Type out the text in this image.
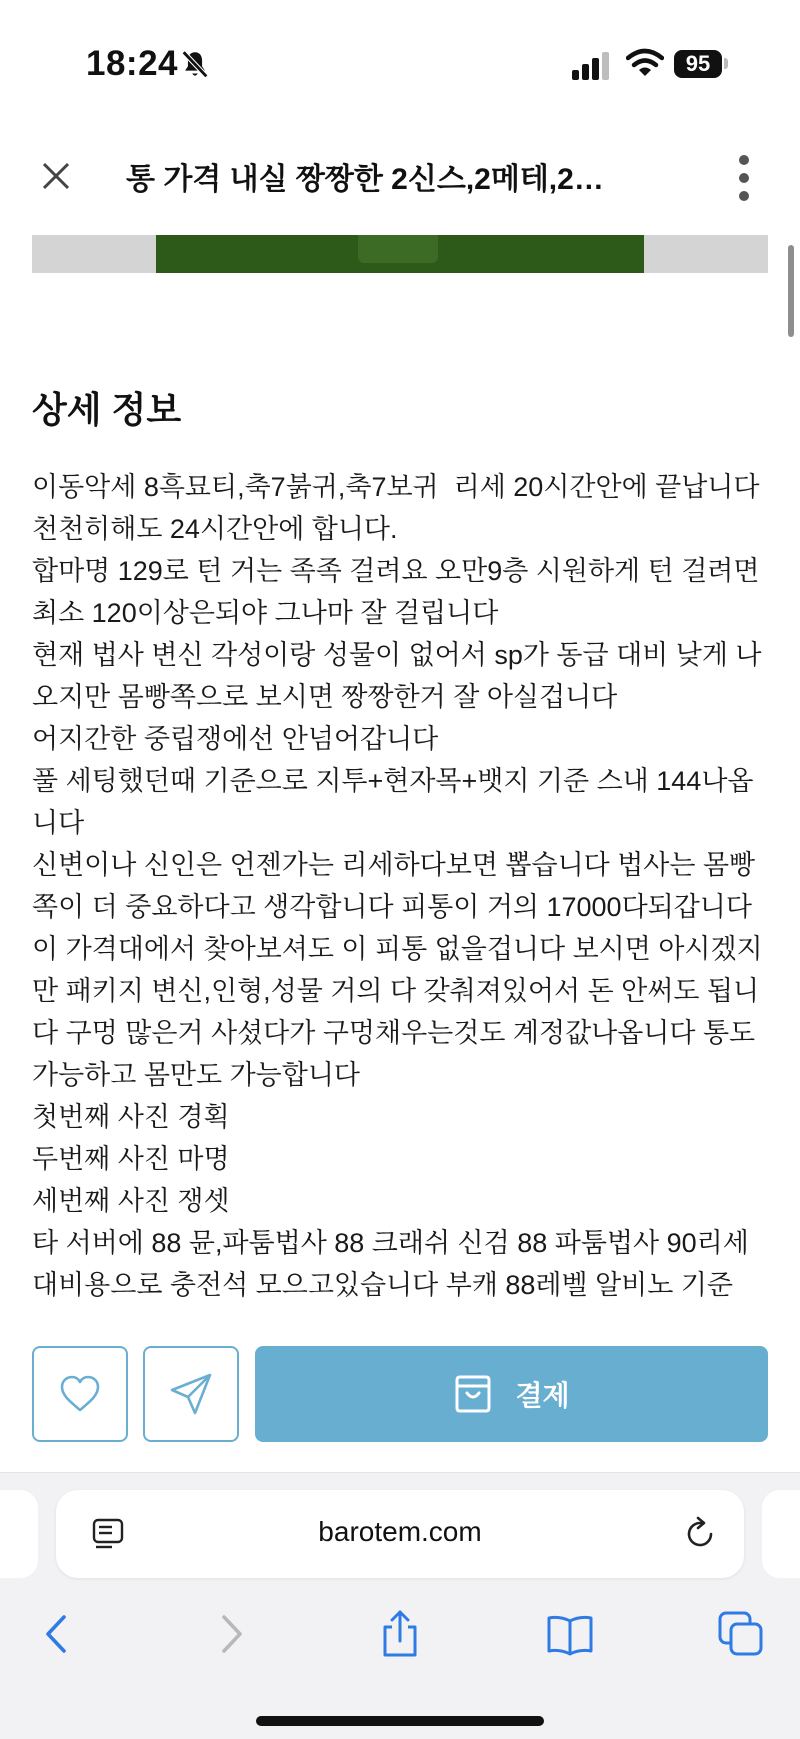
18:24	95
통 가격 내실 짱짱한 2신스,2메테,2…
상세 정보

이동악세 8흑묘티,축7붉귀,축7보귀  리세 20시간안에 끝납니다 천천히해도 24시간안에 합니다.
합마명 129로 턴 거는 족족 걸려요 오만9층 시원하게 턴 걸려면 최소 120이상은되야 그나마 잘 걸립니다
현재 법사 변신 각성이랑 성물이 없어서 sp가 동급 대비 낮게 나오지만 몸빵쪽으로 보시면 짱짱한거 잘 아실겁니다
어지간한 중립쟁에선 안넘어갑니다
풀 세팅했던때 기준으로 지투+현자목+뱃지 기준 스내 144나옵니다
신변이나 신인은 언젠가는 리세하다보면 뽑습니다 법사는 몸빵쪽이 더 중요하다고 생각합니다 피통이 거의 17000다되갑니다 이 가격대에서 찾아보셔도 이 피통 없을겁니다 보시면 아시겠지만 패키지 변신,인형,성물 거의 다 갖춰져있어서 돈 안써도 됩니다 구멍 많은거 사셨다가 구멍채우는것도 계정값나옵니다 통도 가능하고 몸만도 가능합니다
첫번째 사진 경획
두번째 사진 마명
세번째 사진 쟁셋
타 서버에 88 뮨,파툼법사 88 크래쉬 신검 88 파툼법사 90리세 대비용으로 충전석 모으고있습니다 부캐 88레벨 알비노 기준

결제
barotem.com
